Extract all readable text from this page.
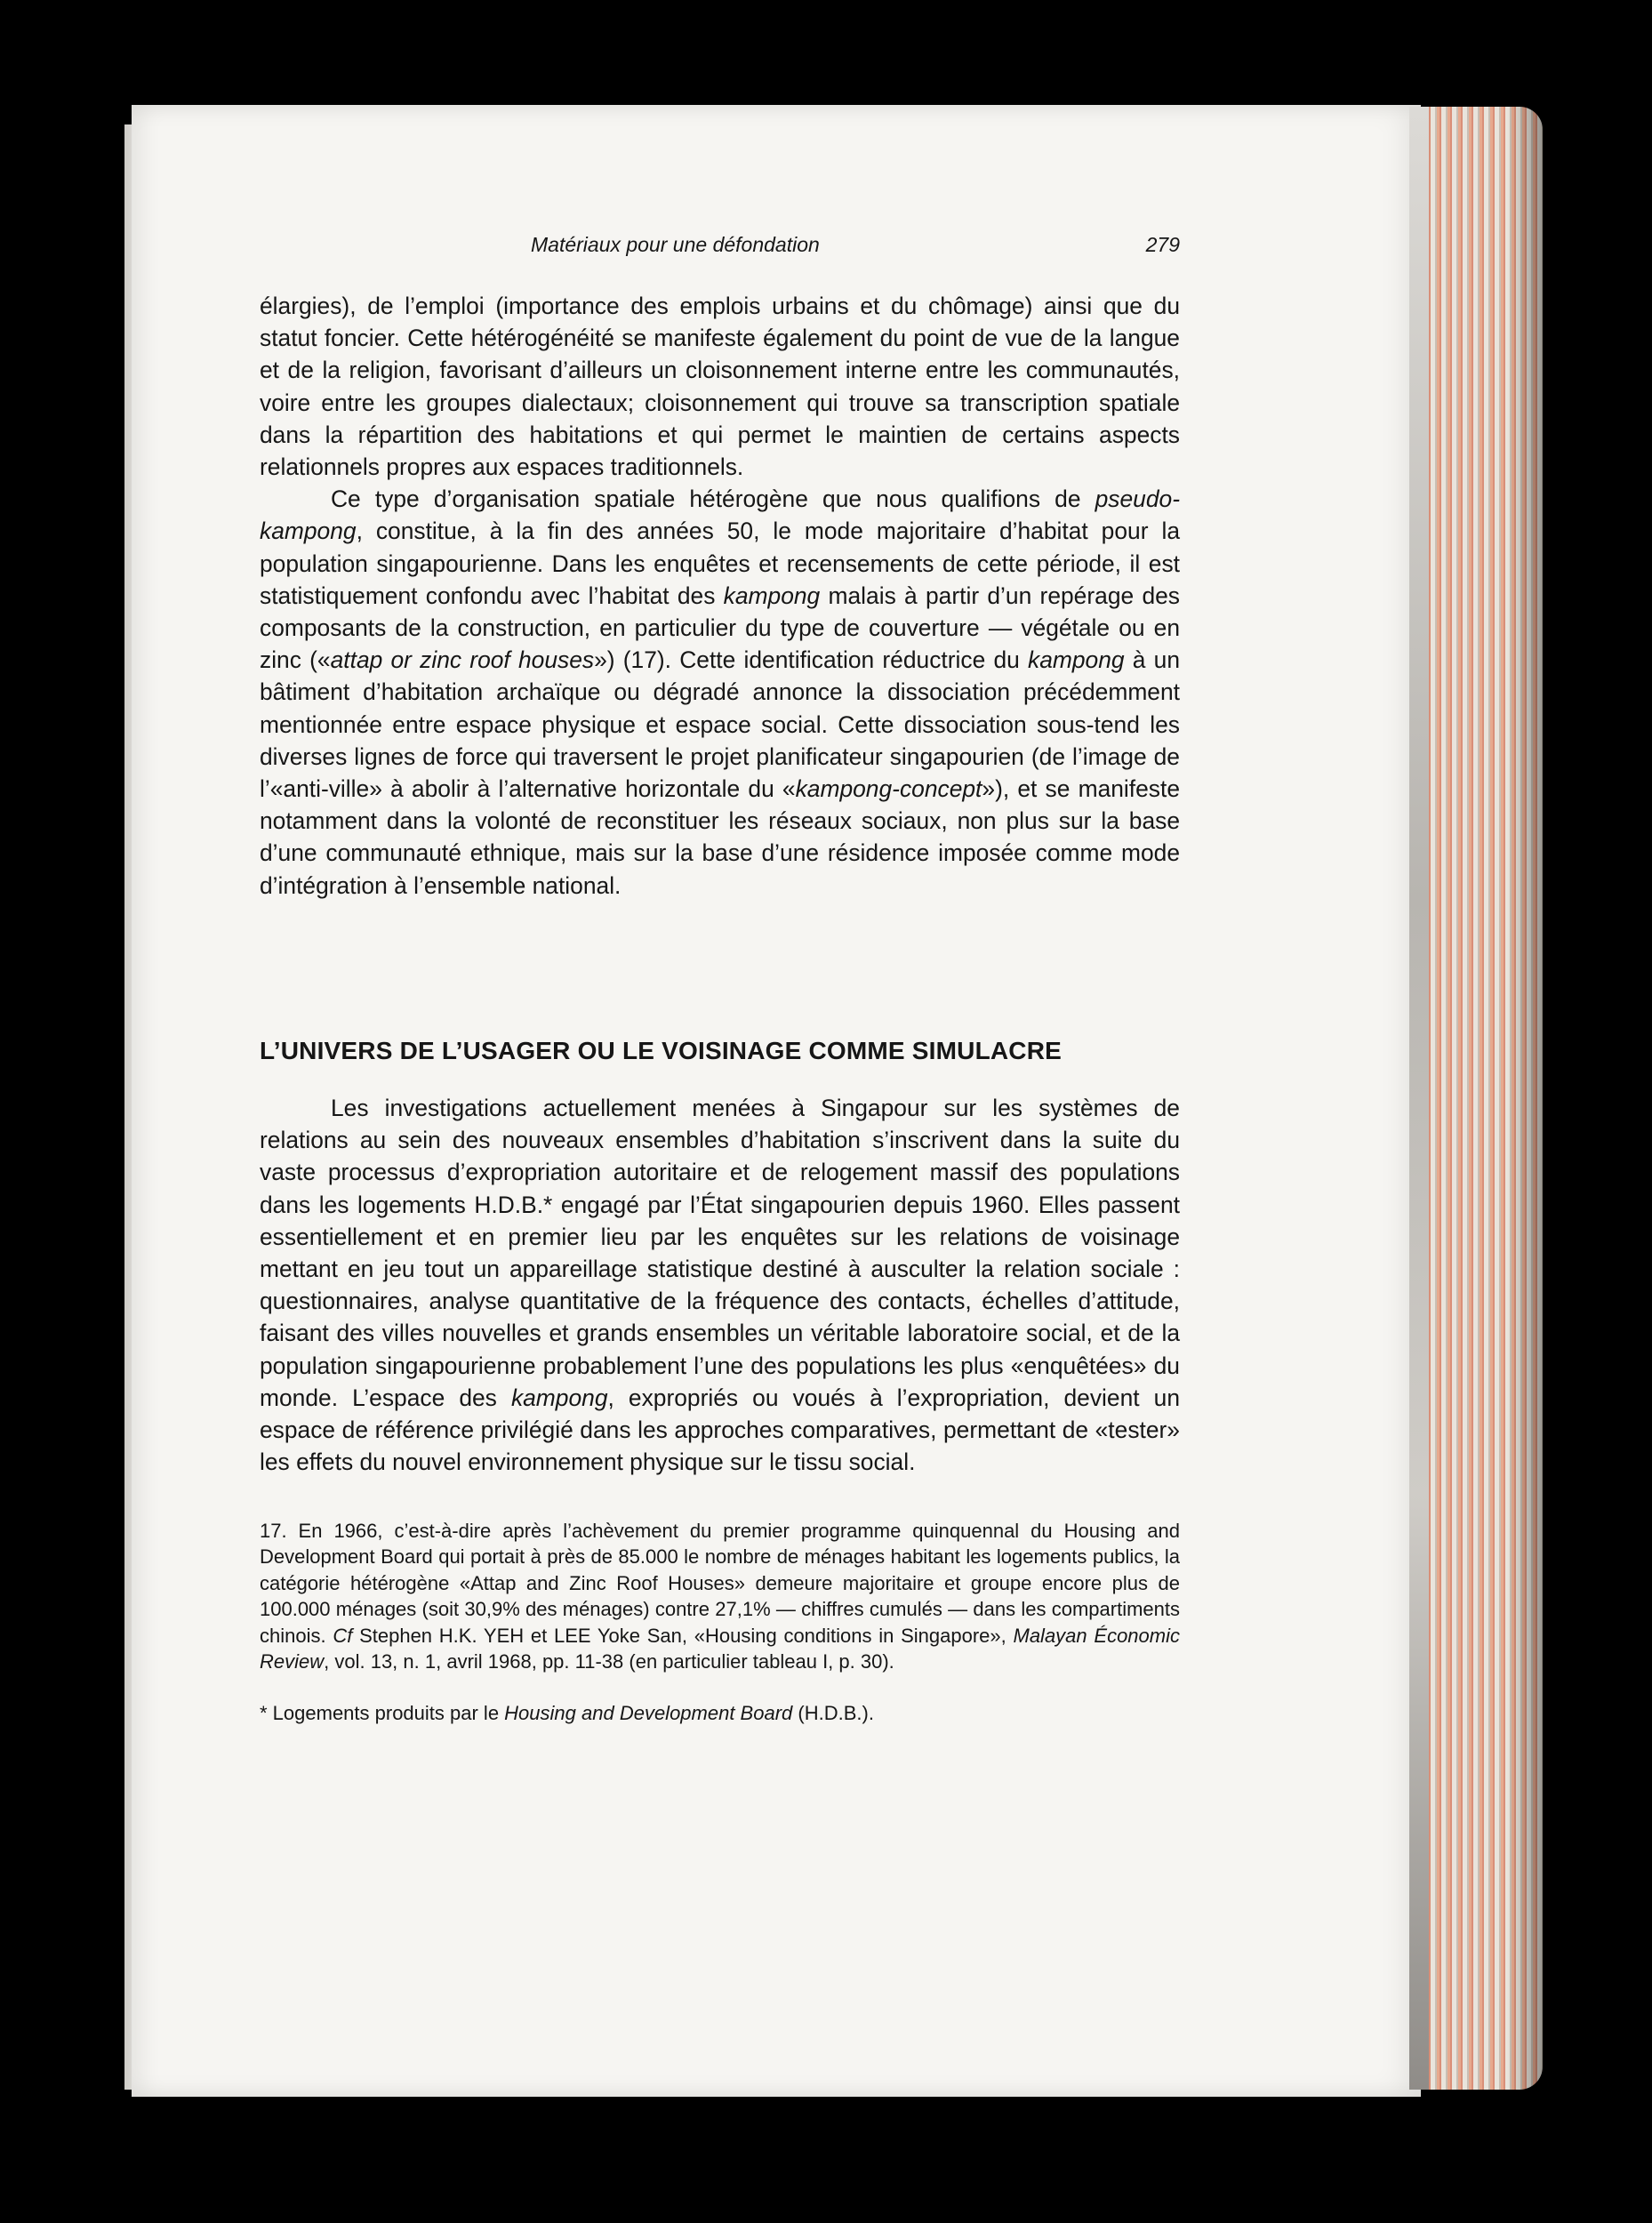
Matériaux pour une défondation	279

élargies), de l’emploi (importance des emplois urbains et du chômage) ainsi que du statut foncier. Cette hétérogénéité se manifeste également du point de vue de la langue et de la religion, favorisant d’ailleurs un cloisonnement interne entre les communautés, voire entre les groupes dialectaux; cloisonnement qui trouve sa transcription spatiale dans la répartition des habitations et qui permet le maintien de certains aspects relationnels propres aux espaces traditionnels.

Ce type d’organisation spatiale hétérogène que nous qualifions de pseudo-kampong, constitue, à la fin des années 50, le mode majoritaire d’habitat pour la population singapourienne. Dans les enquêtes et recensements de cette période, il est statistiquement confondu avec l’habitat des kampong malais à partir d’un repérage des composants de la construction, en particulier du type de couverture — végétale ou en zinc («attap or zinc roof houses») (17). Cette identification réductrice du kampong à un bâtiment d’habitation archaïque ou dégradé annonce la dissociation précédemment mentionnée entre espace physique et espace social. Cette dissociation sous-tend les diverses lignes de force qui traversent le projet planificateur singapourien (de l’image de l’«anti-ville» à abolir à l’alternative horizontale du «kampong-concept»), et se manifeste notamment dans la volonté de reconstituer les réseaux sociaux, non plus sur la base d’une communauté ethnique, mais sur la base d’une résidence imposée comme mode d’intégration à l’ensemble national.

L’UNIVERS DE L’USAGER OU LE VOISINAGE COMME SIMULACRE

Les investigations actuellement menées à Singapour sur les systèmes de relations au sein des nouveaux ensembles d’habitation s’inscrivent dans la suite du vaste processus d’expropriation autoritaire et de relogement massif des populations dans les logements H.D.B.* engagé par l’État singapourien depuis 1960. Elles passent essentiellement et en premier lieu par les enquêtes sur les relations de voisinage mettant en jeu tout un appareillage statistique destiné à ausculter la relation sociale : questionnaires, analyse quantitative de la fréquence des contacts, échelles d’attitude, faisant des villes nouvelles et grands ensembles un véritable laboratoire social, et de la population singapourienne probablement l’une des populations les plus «enquêtées» du monde. L’espace des kampong, expropriés ou voués à l’expropriation, devient un espace de référence privilégié dans les approches comparatives, permettant de «tester» les effets du nouvel environnement physique sur le tissu social.

17. En 1966, c’est-à-dire après l’achèvement du premier programme quinquennal du Housing and Development Board qui portait à près de 85.000 le nombre de ménages habitant les logements publics, la catégorie hétérogène «Attap and Zinc Roof Houses» demeure majoritaire et groupe encore plus de 100.000 ménages (soit 30,9% des ménages) contre 27,1% — chiffres cumulés — dans les compartiments chinois. Cf Stephen H.K. YEH et LEE Yoke San, «Housing conditions in Singapore», Malayan Économic Review, vol. 13, n. 1, avril 1968, pp. 11-38 (en particulier tableau I, p. 30).

* Logements produits par le Housing and Development Board (H.D.B.).
